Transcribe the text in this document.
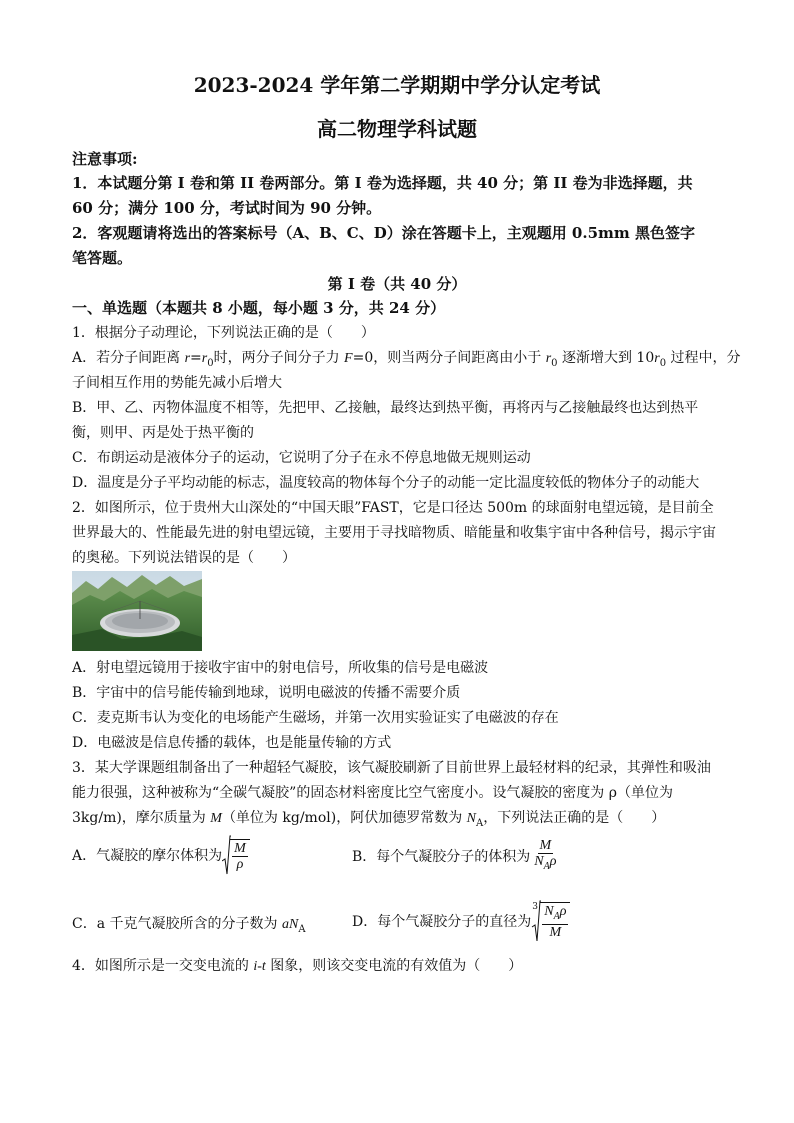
2023-2024 学年第二学期期中学分认定考试
高二物理学科试题
注意事项:
1．本试题分第 I 卷和第 II 卷两部分。第 I 卷为选择题，共 40 分；第 II 卷为非选择题，共
60 分；满分 100 分，考试时间为 90 分钟。
2．客观题请将选出的答案标号（A、B、C、D）涂在答题卡上，主观题用 0.5mm 黑色签字
笔答题。
第 I 卷（共 40 分）
一、单选题（本题共 8 小题，每小题 3 分，共 24 分）
1．根据分子动理论，下列说法正确的是（　　）
A．若分子间距离 $r=r_0$时，两分子间分子力 F=0，则当两分子间距离由小于 $r_0$ 逐渐增大到 $10r_0$ 过程中，分
子间相互作用的势能先减小后增大
B．甲、乙、丙物体温度不相等，先把甲、乙接触，最终达到热平衡，再将丙与乙接触最终也达到热平
衡，则甲、丙是处于热平衡的
C．布朗运动是液体分子的运动，它说明了分子在永不停息地做无规则运动
D．温度是分子平均动能的标志，温度较高的物体每个分子的动能一定比温度较低的物体分子的动能大
2．如图所示，位于贵州大山深处的“中国天眼”FAST，它是口径达 500m 的球面射电望远镜，是目前全
世界最大的、性能最先进的射电望远镜，主要用于寻找暗物质、暗能量和收集宇宙中各种信号，揭示宇宙
的奥秘。下列说法错误的是（　　）
A．射电望远镜用于接收宇宙中的射电信号，所收集的信号是电磁波
B．宇宙中的信号能传输到地球，说明电磁波的传播不需要介质
C．麦克斯韦认为变化的电场能产生磁场，并第一次用实验证实了电磁波的存在
D．电磁波是信息传播的载体，也是能量传输的方式
3．某大学课题组制备出了一种超轻气凝胶，该气凝胶刷新了目前世界上最轻材料的纪录，其弹性和吸油
能力很强，这种被称为“全碳气凝胶”的固态材料密度比空气密度小。设气凝胶的密度为 ρ（单位为
3kg/m)，摩尔质量为 M（单位为 kg/mol)，阿伏加德罗常数为 $N_A$，下列说法正确的是（　　）
A．气凝胶的摩尔体积为 $\frac{M}{\rho}$	B．每个气凝胶分子的体积为 $\frac{M}{N_A\rho}$
C．a 千克气凝胶所含的分子数为 $aN_A$	D．每个气凝胶分子的直径为
$3 \frac{N_A\rho}{M}$
4．如图所示是一交变电流的 i-t 图象，则该交变电流的有效值为（　　）
